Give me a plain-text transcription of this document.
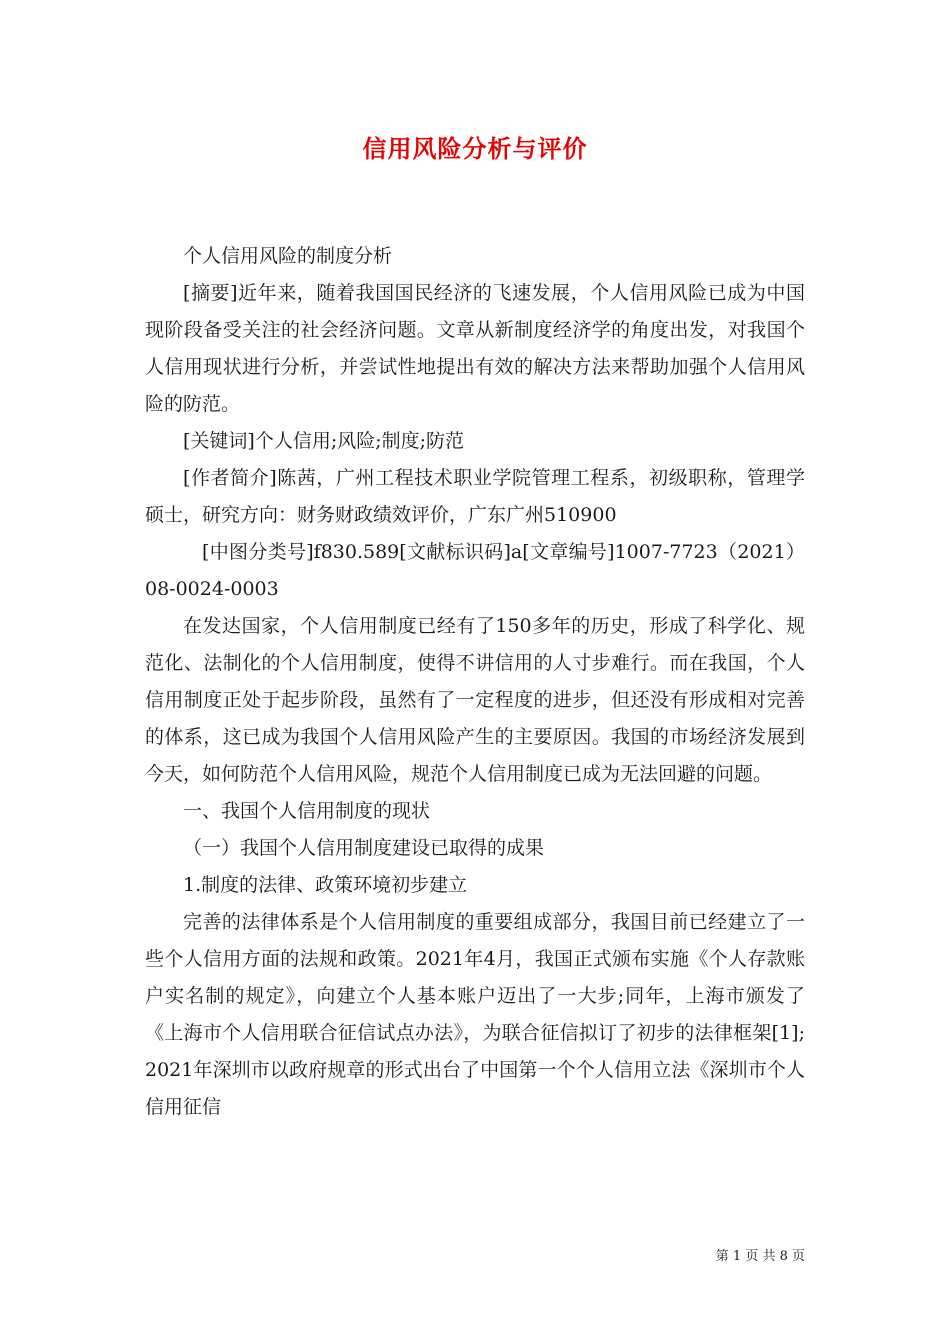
信用风险分析与评价

个人信用风险的制度分析

[摘要]近年来，随着我国国民经济的飞速发展，个人信用风险已成为中国现阶段备受关注的社会经济问题。文章从新制度经济学的角度出发，对我国个人信用现状进行分析，并尝试性地提出有效的解决方法来帮助加强个人信用风险的防范。

[关键词]个人信用;风险;制度;防范

[作者简介]陈茜，广州工程技术职业学院管理工程系，初级职称，管理学硕士，研究方向：财务财政绩效评价，广东广州510900

[中图分类号]f830.589[文献标识码]a[文章编号]1007-7723（2021）08-0024-0003

在发达国家，个人信用制度已经有了150多年的历史，形成了科学化、规范化、法制化的个人信用制度，使得不讲信用的人寸步难行。而在我国，个人信用制度正处于起步阶段，虽然有了一定程度的进步，但还没有形成相对完善的体系，这已成为我国个人信用风险产生的主要原因。我国的市场经济发展到今天，如何防范个人信用风险，规范个人信用制度已成为无法回避的问题。

一、我国个人信用制度的现状

（一）我国个人信用制度建设已取得的成果

1.制度的法律、政策环境初步建立

完善的法律体系是个人信用制度的重要组成部分，我国目前已经建立了一些个人信用方面的法规和政策。2021年4月，我国正式颁布实施《个人存款账户实名制的规定》，向建立个人基本账户迈出了一大步;同年，上海市颁发了《上海市个人信用联合征信试点办法》，为联合征信拟订了初步的法律框架[1];2021年深圳市以政府规章的形式出台了中国第一个个人信用立法《深圳市个人信用征信

第 1 页 共 8 页
